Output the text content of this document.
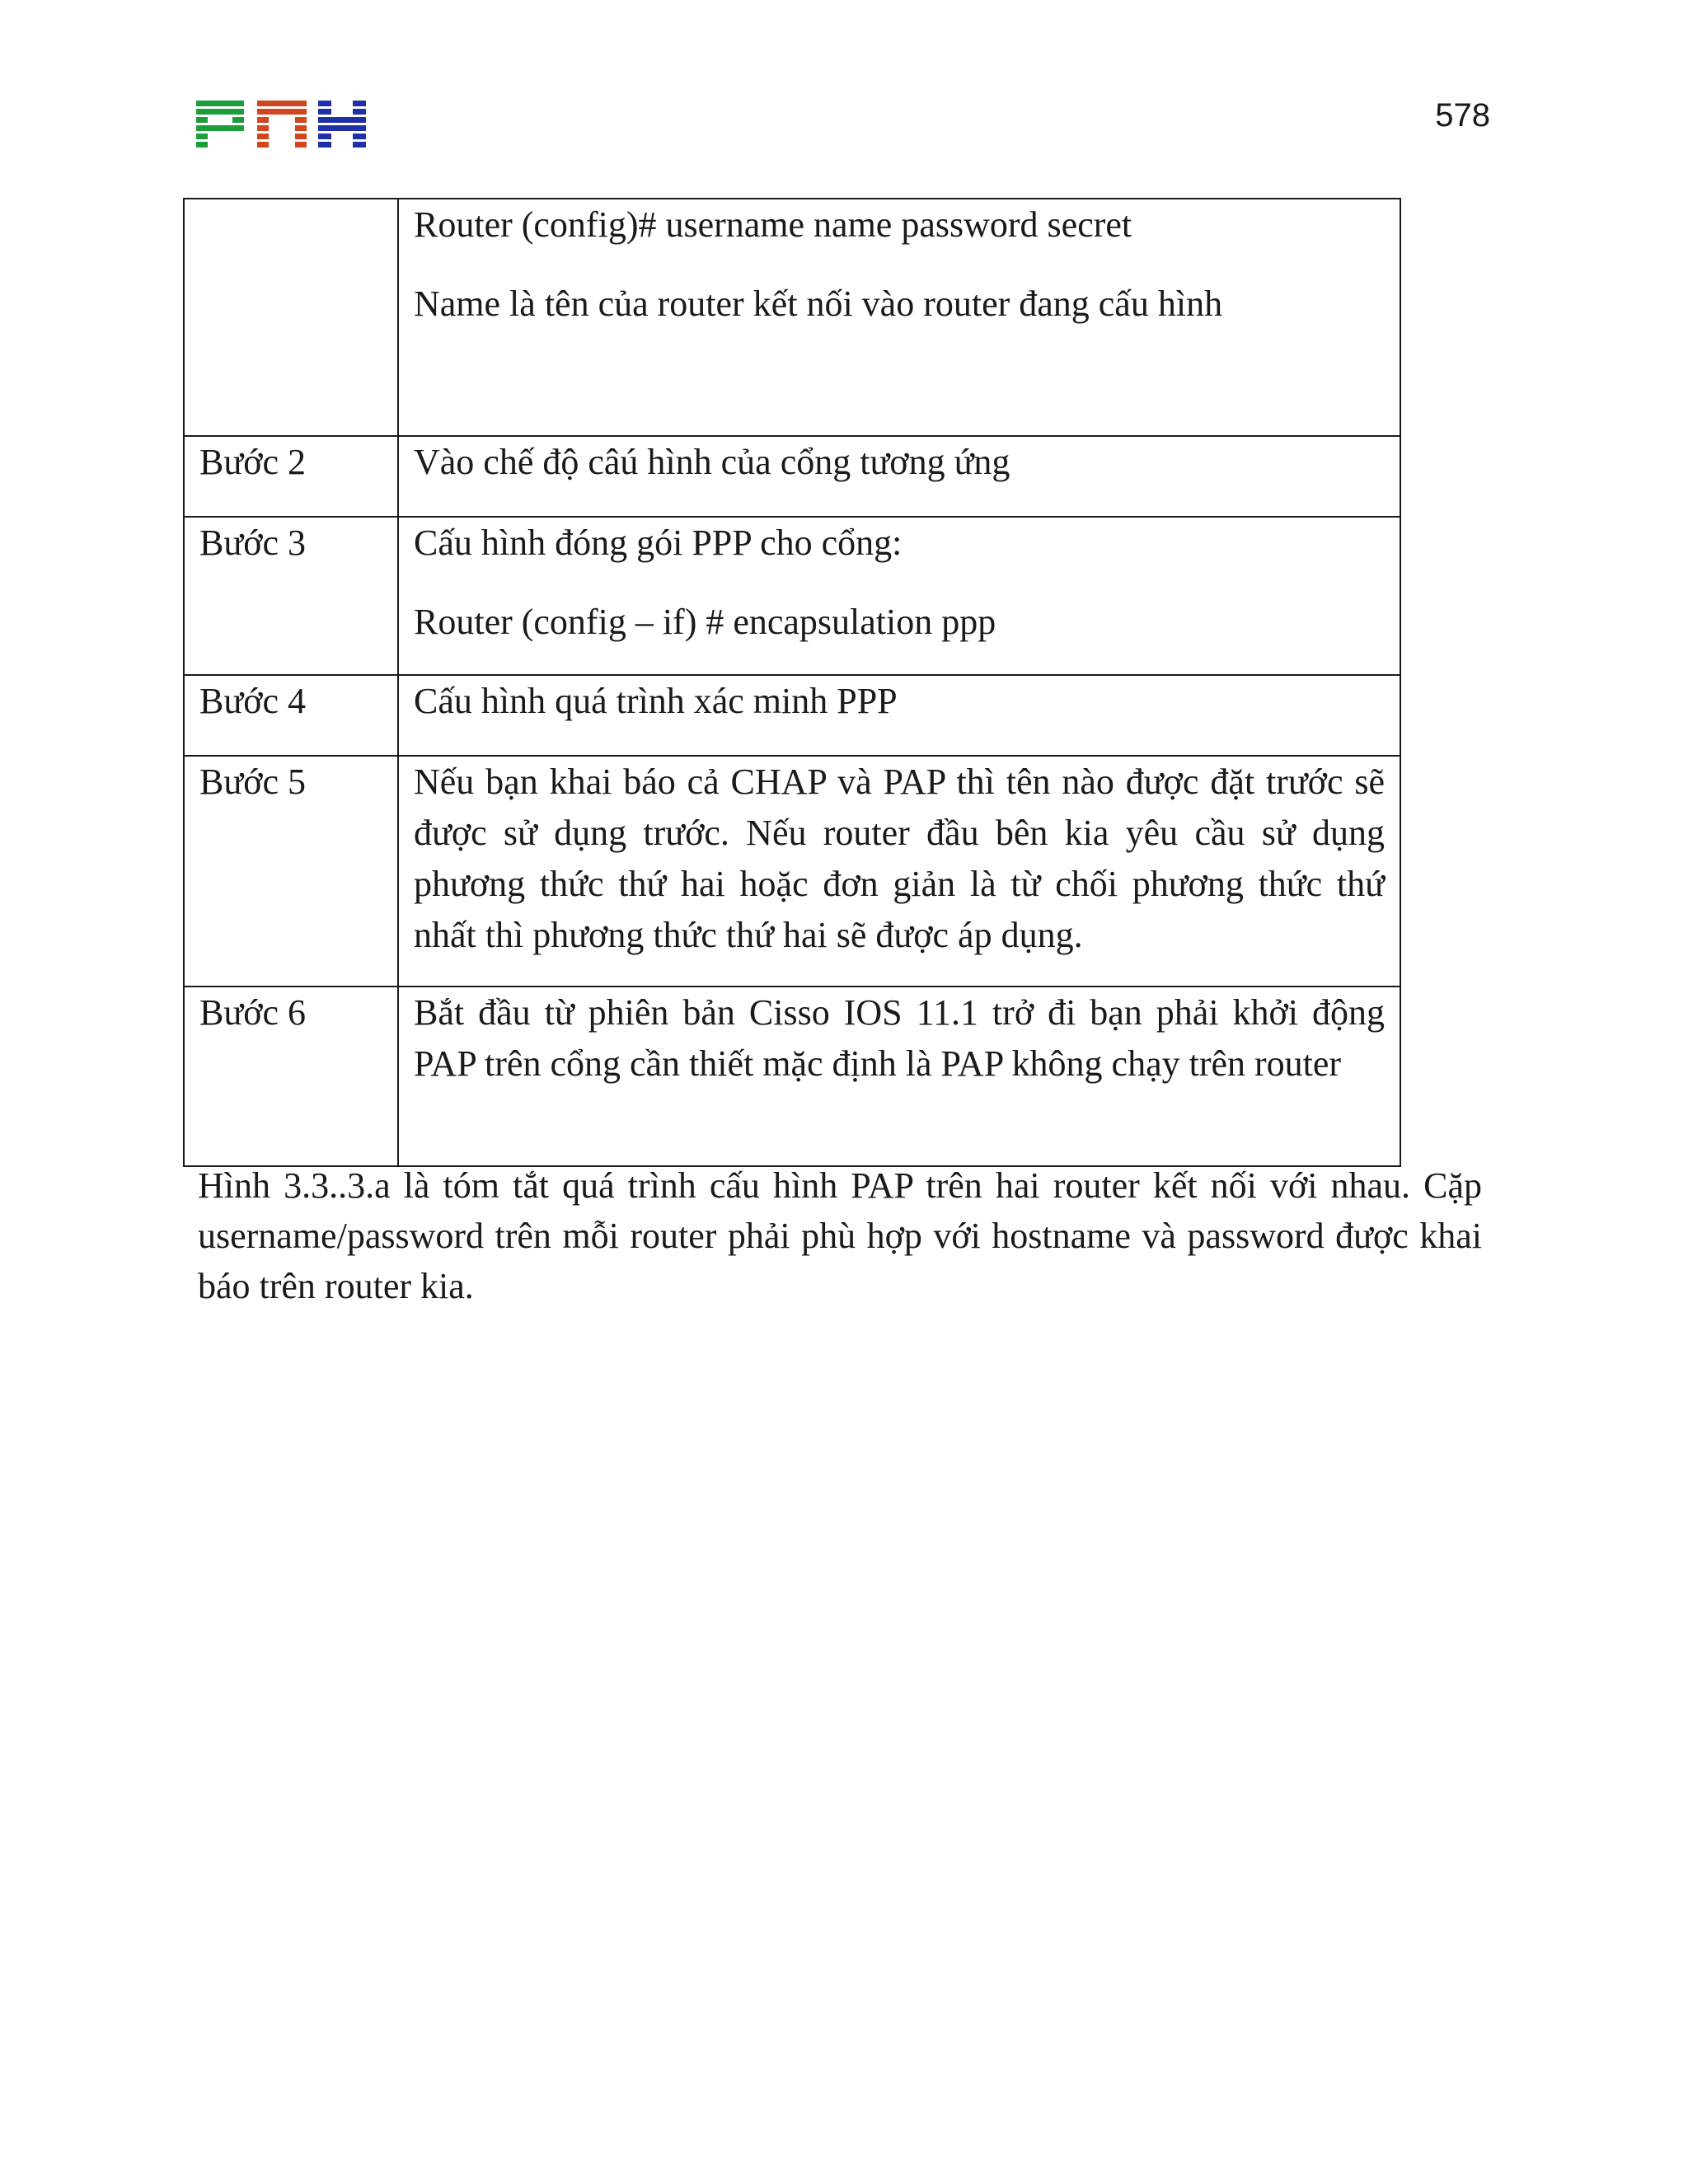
578

	Router (config)# username name password secret

Name là tên của router kết nối vào router đang cấu hình

Bước 2	Vào chế độ câú hình của cổng tương ứng

Bước 3	Cấu hình đóng gói PPP cho cổng:

Router (config – if) # encapsulation ppp

Bước 4	Cấu hình quá trình xác minh PPP

Bước 5	Nếu bạn khai báo cả CHAP và PAP thì tên nào được đặt trước sẽ được sử dụng trước. Nếu router đầu bên kia yêu cầu sử dụng phương thức thứ hai hoặc đơn giản là từ chối phương thức thứ nhất thì phương thức thứ hai sẽ được áp dụng.

Bước 6	Bắt đầu từ phiên bản Cisso IOS 11.1 trở đi bạn phải khởi động PAP trên cổng cần thiết mặc định là PAP không chạy trên router

Hình 3.3..3.a là tóm tắt quá trình cấu hình PAP trên hai router kết nối với nhau. Cặp username/password trên mỗi router phải phù hợp với hostname và password được khai báo trên router kia.
